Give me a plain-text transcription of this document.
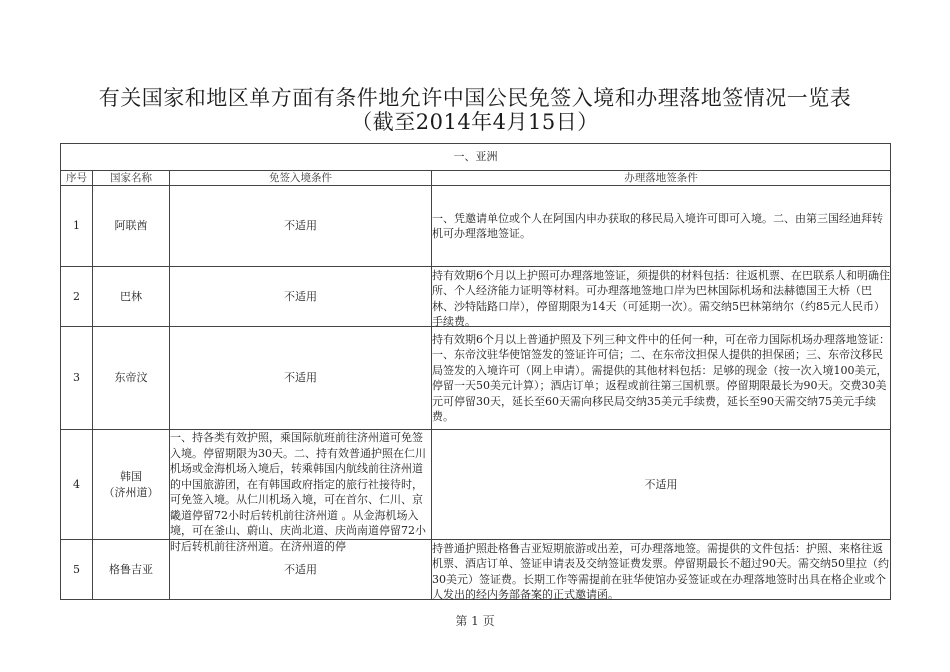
有关国家和地区单方面有条件地允许中国公民免签入境和办理落地签情况一览表
（截至2014年4月15日）
一、亚洲			
序号	国家名称	免签入境条件	办理落地签条件
1	阿联酋	不适用	一、凭邀请单位或个人在阿国内申办获取的移民局入境许可即可入境。二、由第三国经迪拜转机可办理落地签证。

2	巴林	不适用	持有效期6个月以上护照可办理落地签证，须提供的材料包括：往返机票、在巴联系人和明确住所、个人经济能力证明等材料。可办理落地签地口岸为巴林国际机场和法赫德国王大桥（巴林、沙特陆路口岸），停留期限为14天（可延期一次）。需交纳5巴林第纳尔（约85元人民币）手续费。

3	东帝汶	不适用	持有效期6个月以上普通护照及下列三种文件中的任何一种，可在帝力国际机场办理落地签证：一、东帝汶驻华使馆签发的签证许可信；二、在东帝汶担保人提供的担保函；三、东帝汶移民局签发的入境许可（网上申请）。需提供的其他材料包括：足够的现金（按一次入境100美元，停留一天50美元计算）；酒店订单；返程或前往第三国机票。停留期限最长为90天。交费30美元可停留30天，延长至60天需向移民局交纳35美元手续费，延长至90天需交纳75美元手续费。

4	韩国
（济州道）	一、持各类有效护照，乘国际航班前往济州道可免签入境。停留期限为30天。二、持有效普通护照在仁川机场或金海机场入境后，转乘韩国内航线前往济州道的中国旅游团，在有韩国政府指定的旅行社接待时，可免签入境。从仁川机场入境，可在首尔、仁川、京畿道停留72小时后转机前往济州道 。从金海机场入境，可在釜山、蔚山、庆尚北道、庆尚南道停留72小时后转机前往济州道。在济州道的停	不适用
5	格鲁吉亚	不适用	持普通护照赴格鲁吉亚短期旅游或出差，可办理落地签。需提供的文件包括：护照、来格往返机票、酒店订单、签证申请表及交纳签证费发票。停留期最长不超过90天。需交纳50里拉（约30美元）签证费。长期工作等需提前在驻华使馆办妥签证或在办理落地签时出具在格企业或个人发出的经内务部备案的正式邀请函。
第 1 页
